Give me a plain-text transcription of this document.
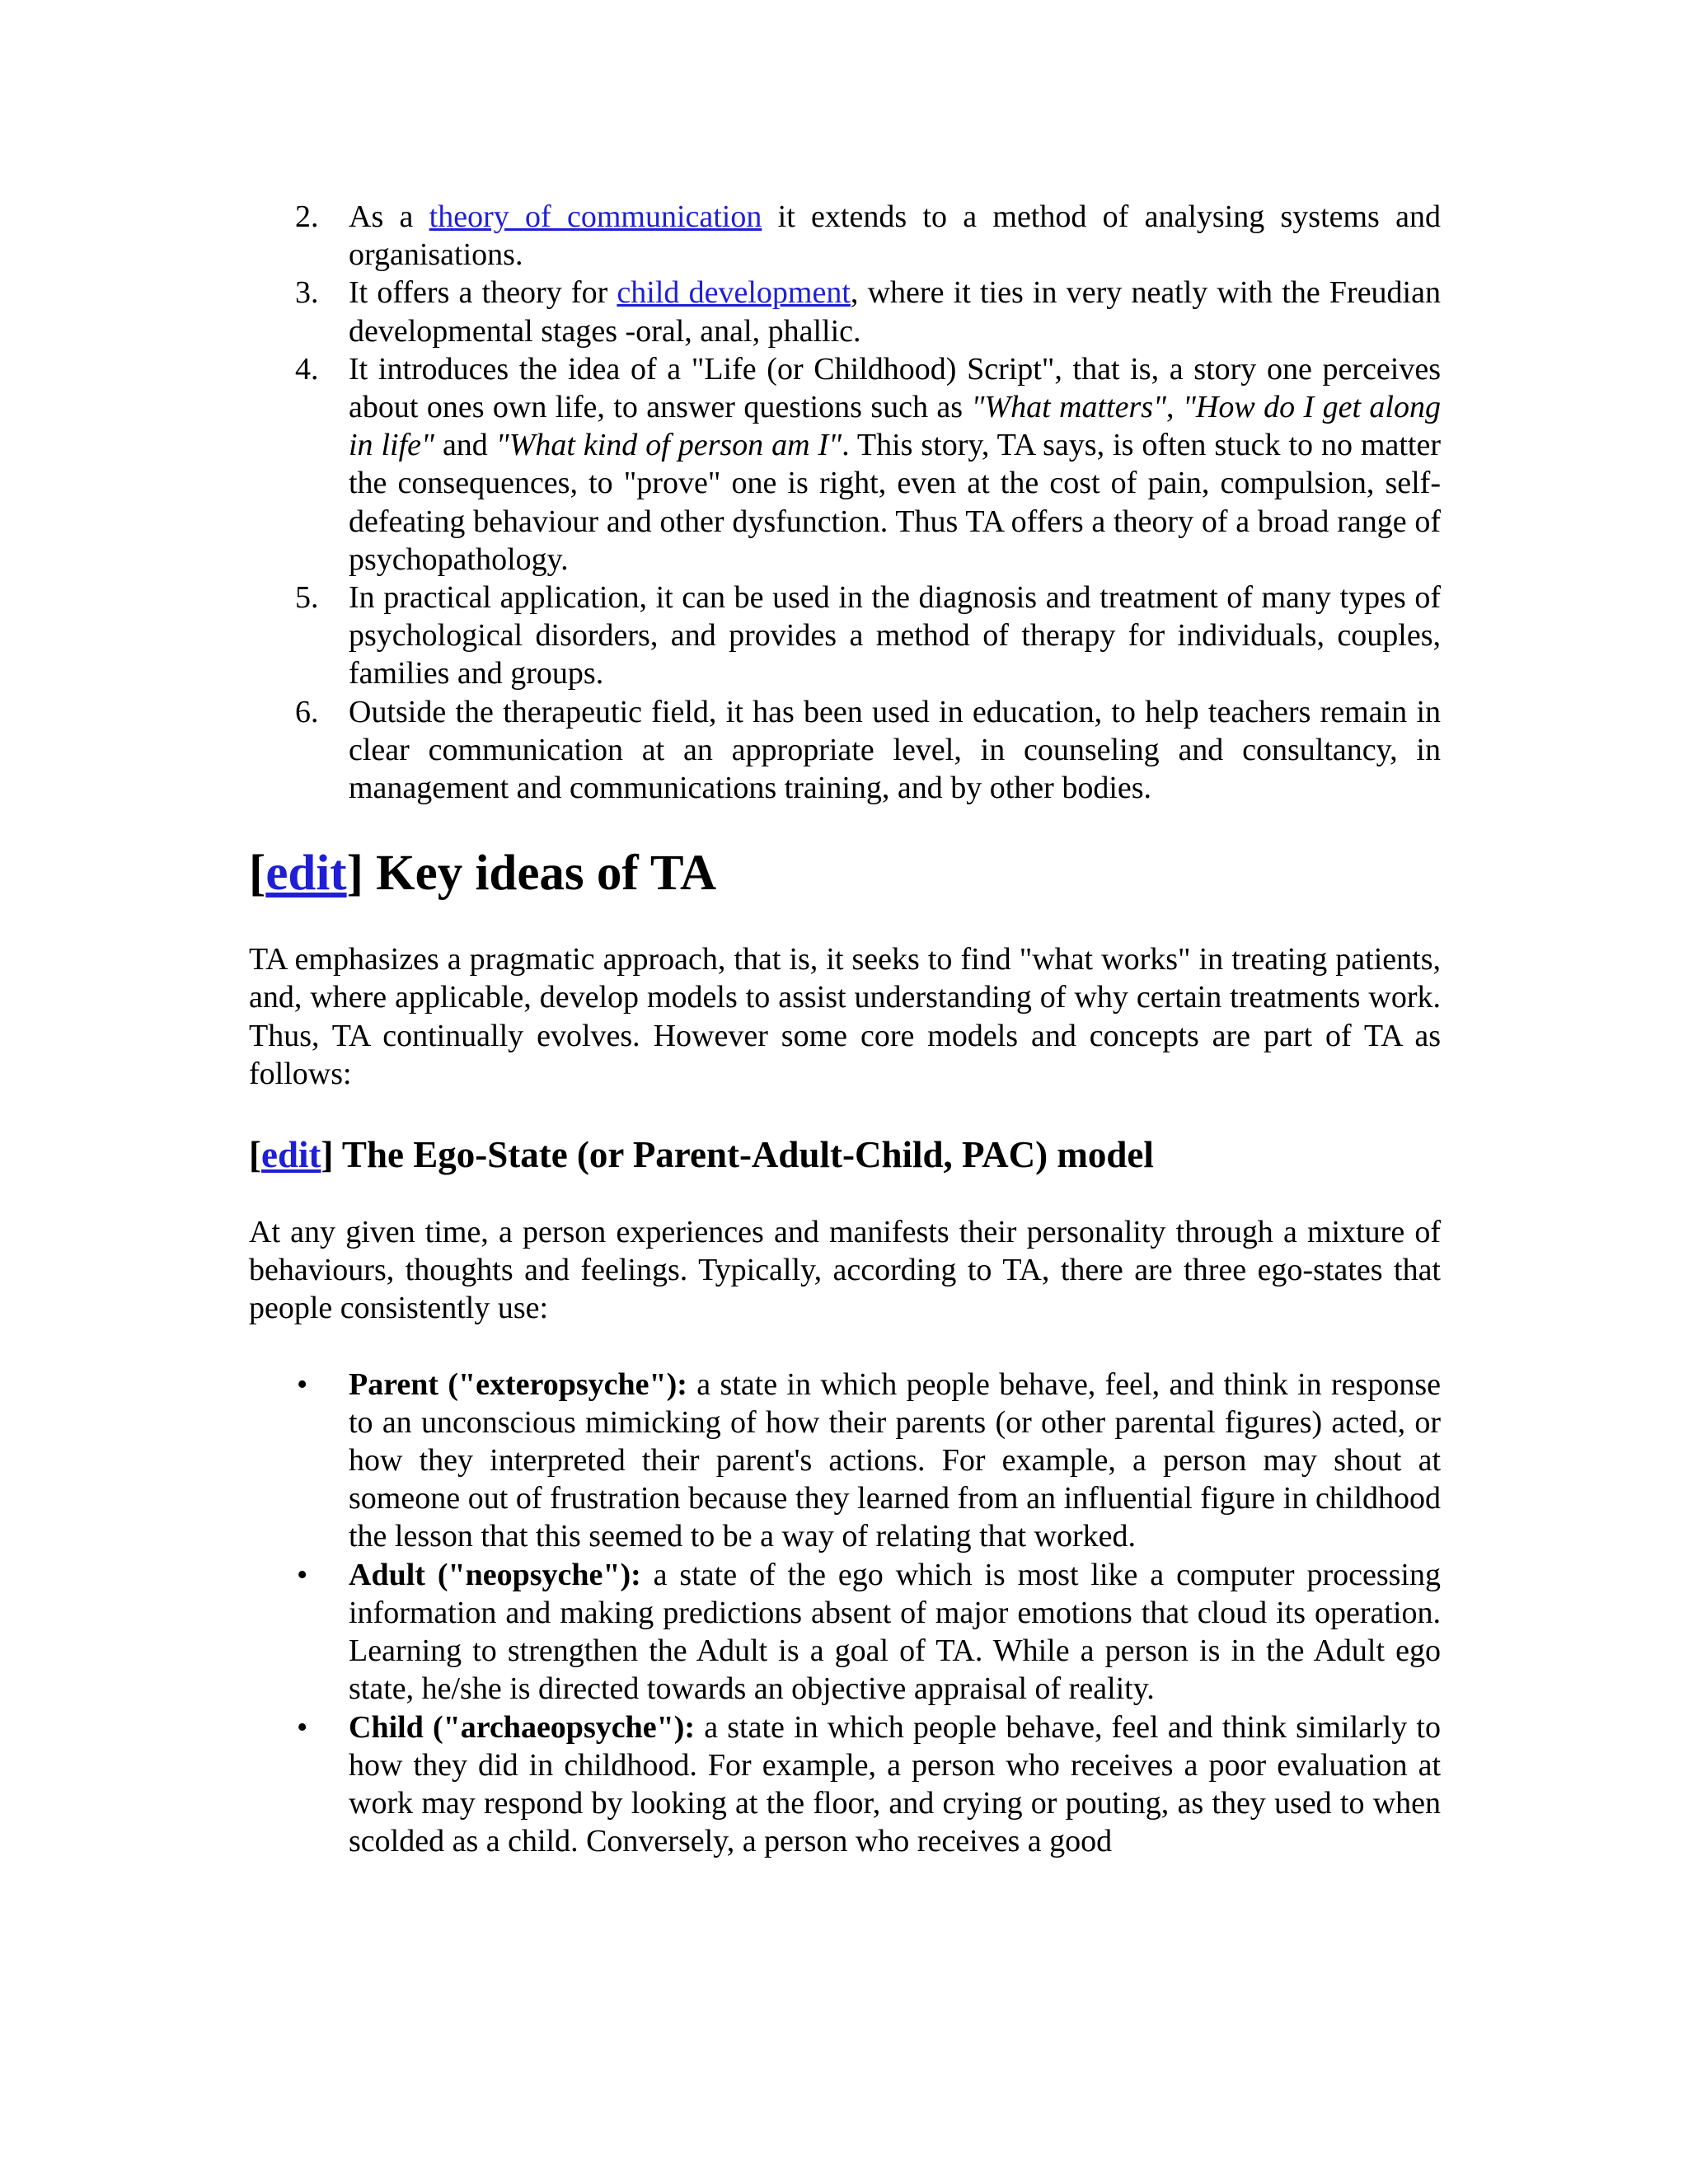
2. As a theory of communication it extends to a method of analysing systems and organisations.
3. It offers a theory for child development, where it ties in very neatly with the Freudian developmental stages -oral, anal, phallic.
4. It introduces the idea of a "Life (or Childhood) Script", that is, a story one perceives about ones own life, to answer questions such as "What matters", "How do I get along in life" and "What kind of person am I". This story, TA says, is often stuck to no matter the consequences, to "prove" one is right, even at the cost of pain, compulsion, self-defeating behaviour and other dysfunction. Thus TA offers a theory of a broad range of psychopathology.
5. In practical application, it can be used in the diagnosis and treatment of many types of psychological disorders, and provides a method of therapy for individuals, couples, families and groups.
6. Outside the therapeutic field, it has been used in education, to help teachers remain in clear communication at an appropriate level, in counseling and consultancy, in management and communications training, and by other bodies.
[edit] Key ideas of TA

TA emphasizes a pragmatic approach, that is, it seeks to find "what works" in treating patients, and, where applicable, develop models to assist understanding of why certain treatments work. Thus, TA continually evolves. However some core models and concepts are part of TA as follows:

[edit] The Ego-State (or Parent-Adult-Child, PAC) model

At any given time, a person experiences and manifests their personality through a mixture of behaviours, thoughts and feelings. Typically, according to TA, there are three ego-states that people consistently use:

• Parent ("exteropsyche"): a state in which people behave, feel, and think in response to an unconscious mimicking of how their parents (or other parental figures) acted, or how they interpreted their parent's actions. For example, a person may shout at someone out of frustration because they learned from an influential figure in childhood the lesson that this seemed to be a way of relating that worked.
• Adult ("neopsyche"): a state of the ego which is most like a computer processing information and making predictions absent of major emotions that cloud its operation. Learning to strengthen the Adult is a goal of TA. While a person is in the Adult ego state, he/she is directed towards an objective appraisal of reality.
• Child ("archaeopsyche"): a state in which people behave, feel and think similarly to how they did in childhood. For example, a person who receives a poor evaluation at work may respond by looking at the floor, and crying or pouting, as they used to when scolded as a child. Conversely, a person who receives a good
